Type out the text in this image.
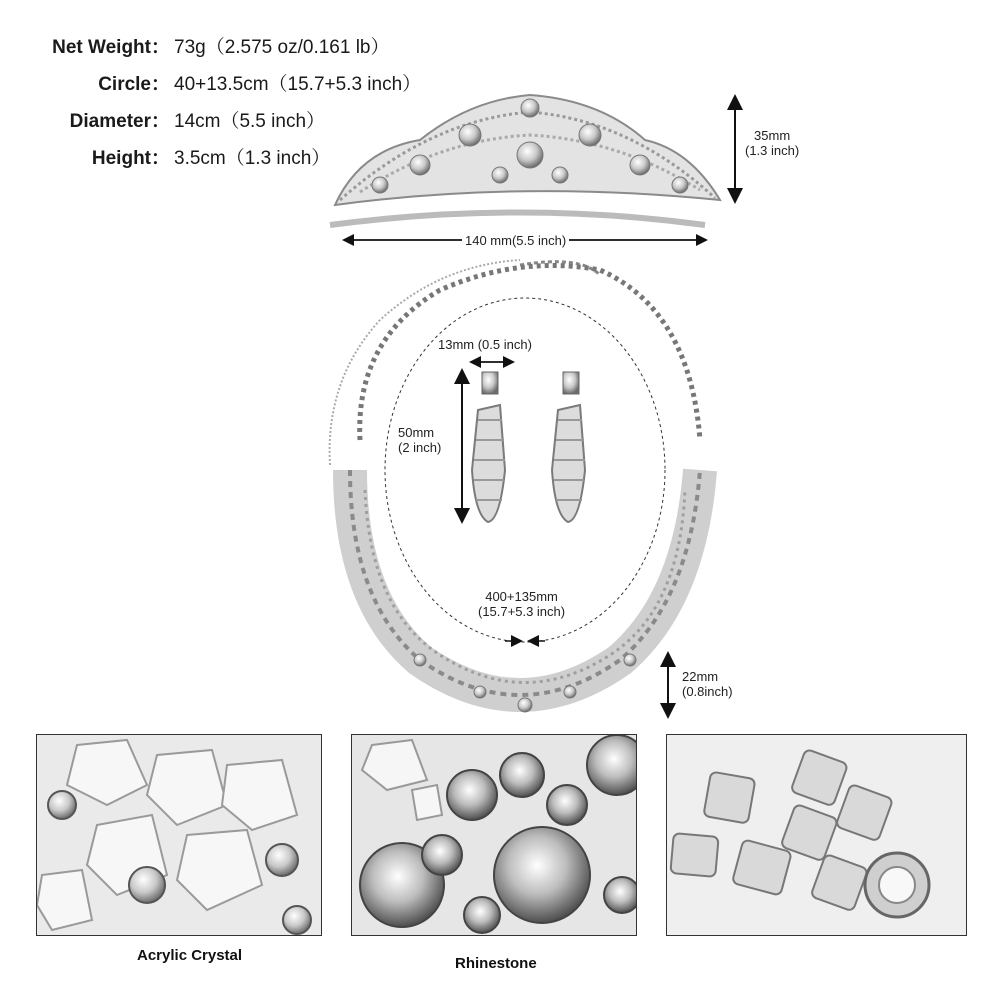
Net Weight： 73g（2.575 oz/0.161 lb）
Circle： 40+13.5cm（15.7+5.3 inch）
Diameter： 14cm（5.5 inch）
Height： 3.5cm（1.3 inch）
35mm
(1.3 inch)
140 mm(5.5 inch)
13mm (0.5 inch)
50mm
(2 inch)
400+135mm
(15.7+5.3 inch)
22mm
(0.8inch)
Acrylic Crystal	Rhinestone
